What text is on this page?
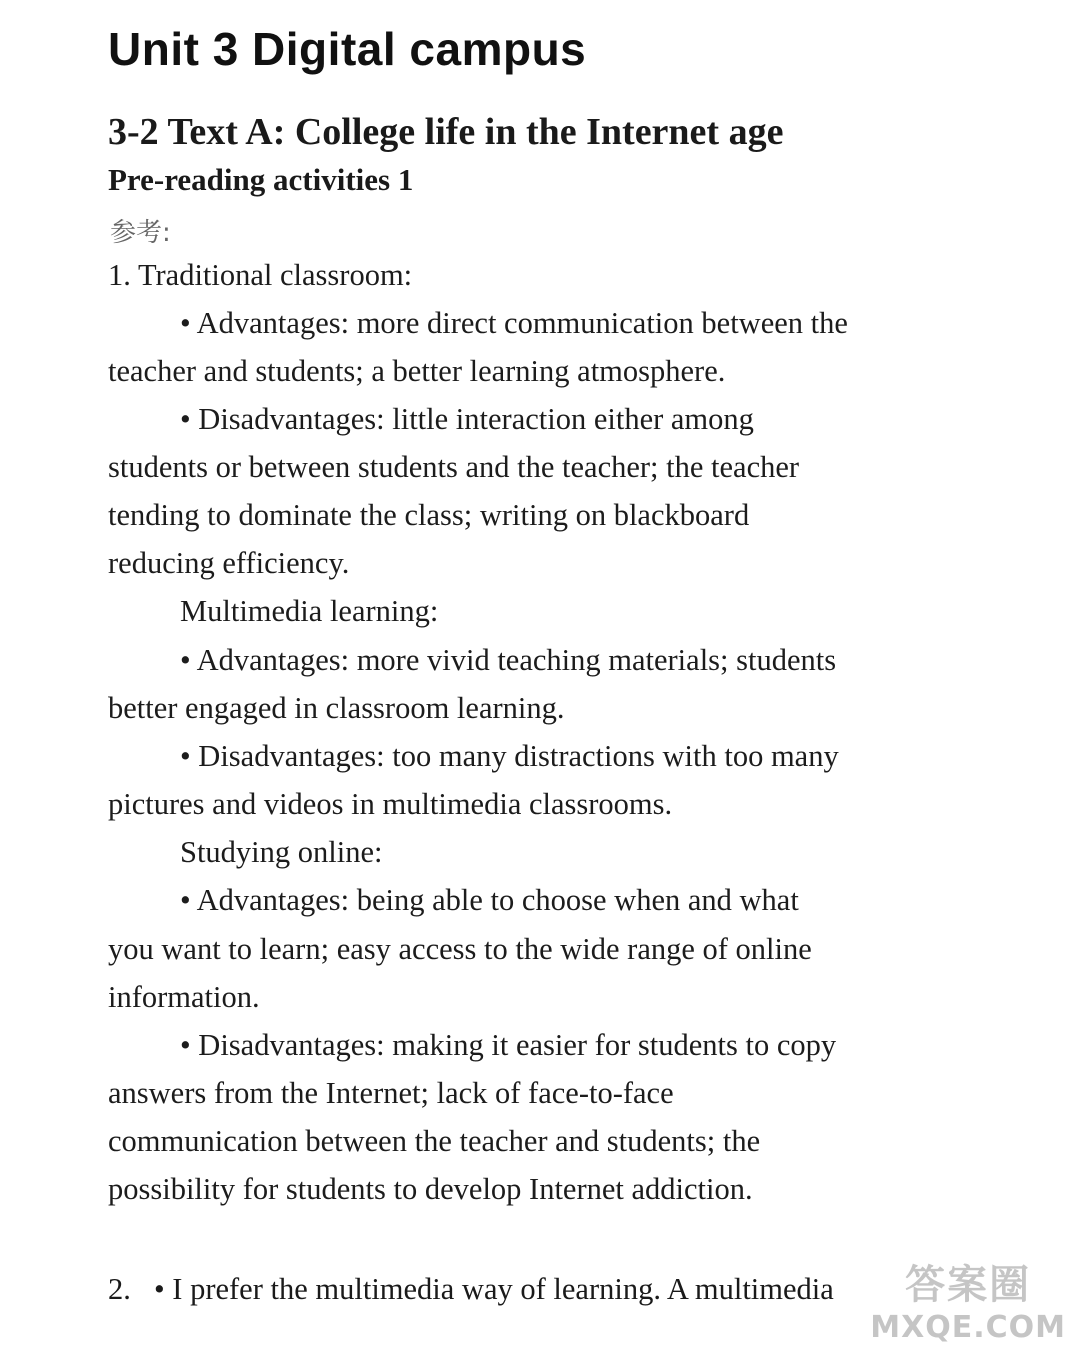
Unit 3 Digital campus
3-2 Text A: College life in the Internet age
Pre-reading activities 1
参考:
1. Traditional classroom:
• Advantages: more direct communication between the
teacher and students; a better learning atmosphere.
• Disadvantages: little interaction either among
students or between students and the teacher; the teacher
tending to dominate the class; writing on blackboard
reducing efficiency.
Multimedia learning:
• Advantages: more vivid teaching materials; students
better engaged in classroom learning.
• Disadvantages: too many distractions with too many
pictures and videos in multimedia classrooms.
Studying online:
• Advantages: being able to choose when and what
you want to learn; easy access to the wide range of online
information.
• Disadvantages: making it easier for students to copy
answers from the Internet; lack of face-to-face
communication between the teacher and students; the
possibility for students to develop Internet addiction.
2. • I prefer the multimedia way of learning. A multimedia	答案圈
MXQE.COM
